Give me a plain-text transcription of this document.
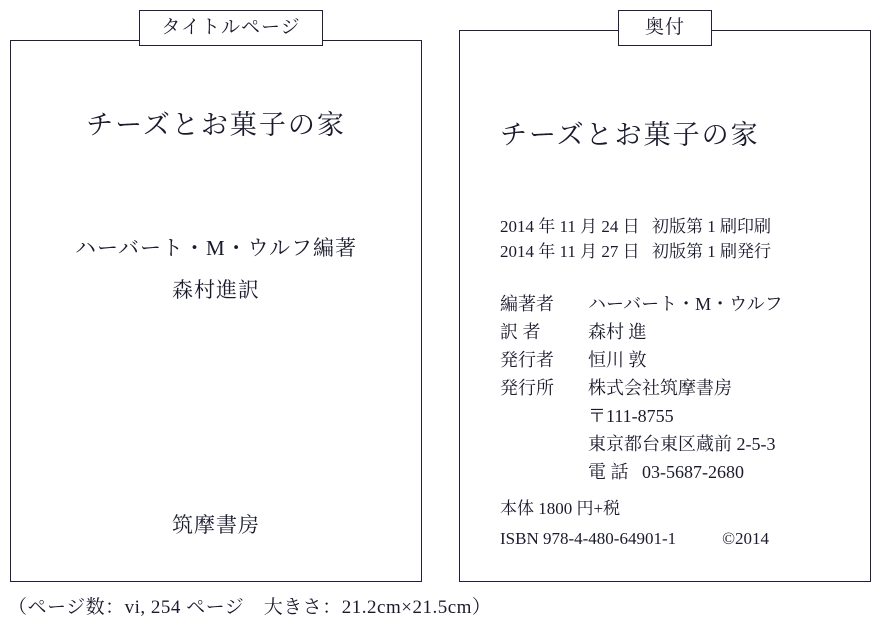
チーズとお菓子の家
ハーバート・M・ウルフ編著
森村進訳
筑摩書房
チーズとお菓子の家
2014 年 11 月 24 日 初版第 1 刷印刷
2014 年 11 月 27 日 初版第 1 刷発行
編著者 ハーバート・M・ウルフ
訳 者	森村 進
発行者 恒川 敦
発行所 株式会社筑摩書房
〒111-8755
東京都台東区蔵前 2-5-3
電 話 03-5687-2680
本体 1800 円+税
ISBN 978-4-480-64901-1	©2014
タイトルページ	奥付
（ページ数：vi, 254 ページ　大きさ：21.2cm×21.5cm）
